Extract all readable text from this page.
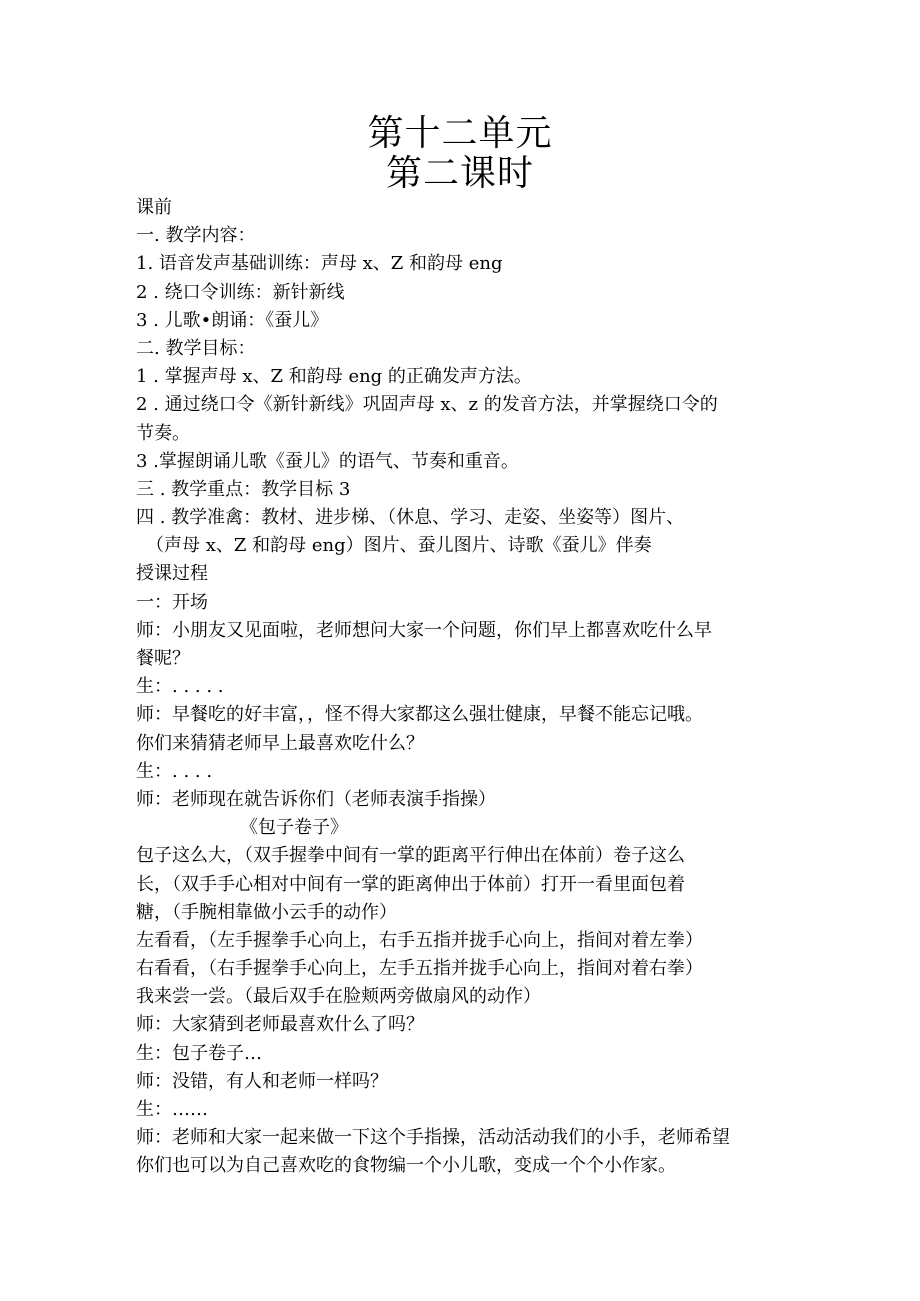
第十二单元
第二课时
课前
一. 教学内容：
1. 语音发声基础训练：声母 x、Z 和韵母 eng
2 . 绕口令训练：新针新线
3 . 儿歌•朗诵：《蚕儿》
二. 教学目标：
1 . 掌握声母 x、Z 和韵母 eng 的正确发声方法。
2 . 通过绕口令《新针新线》巩固声母 x、z 的发音方法，并掌握绕口令的
节奏。
3 .掌握朗诵儿歌《蚕儿》的语气、节奏和重音。
三 . 教学重点：教学目标 3
四 . 教学准禽：教材、进步梯、（休息、学习、走姿、坐姿等）图片、
（声母 x、Z 和韵母 eng）图片、蚕儿图片、诗歌《蚕儿》伴奏
授课过程
一：开场
师：小朋友又见面啦，老师想问大家一个问题，你们早上都喜欢吃什么早
餐呢？
生：. . . . .
师：早餐吃的好丰富，，怪不得大家都这么强壮健康，早餐不能忘记哦。
你们来猜猜老师早上最喜欢吃什么？
生：. . . .
师：老师现在就告诉你们（老师表演手指操）
《包子卷子》
包子这么大，（双手握拳中间有一掌的距离平行伸出在体前）卷子这么
长，（双手手心相对中间有一掌的距离伸出于体前）打开一看里面包着
糖，（手腕相靠做小云手的动作）
左看看，（左手握拳手心向上，右手五指并拢手心向上，指间对着左拳）
右看看，（右手握拳手心向上，左手五指并拢手心向上，指间对着右拳）
我来尝一尝。（最后双手在脸颊两旁做扇风的动作）
师：大家猜到老师最喜欢什么了吗？
生：包子卷子…
师：没错，有人和老师一样吗？
生：……
师：老师和大家一起来做一下这个手指操，活动活动我们的小手，老师希望
你们也可以为自己喜欢吃的食物编一个小儿歌，变成一个个小作家。
